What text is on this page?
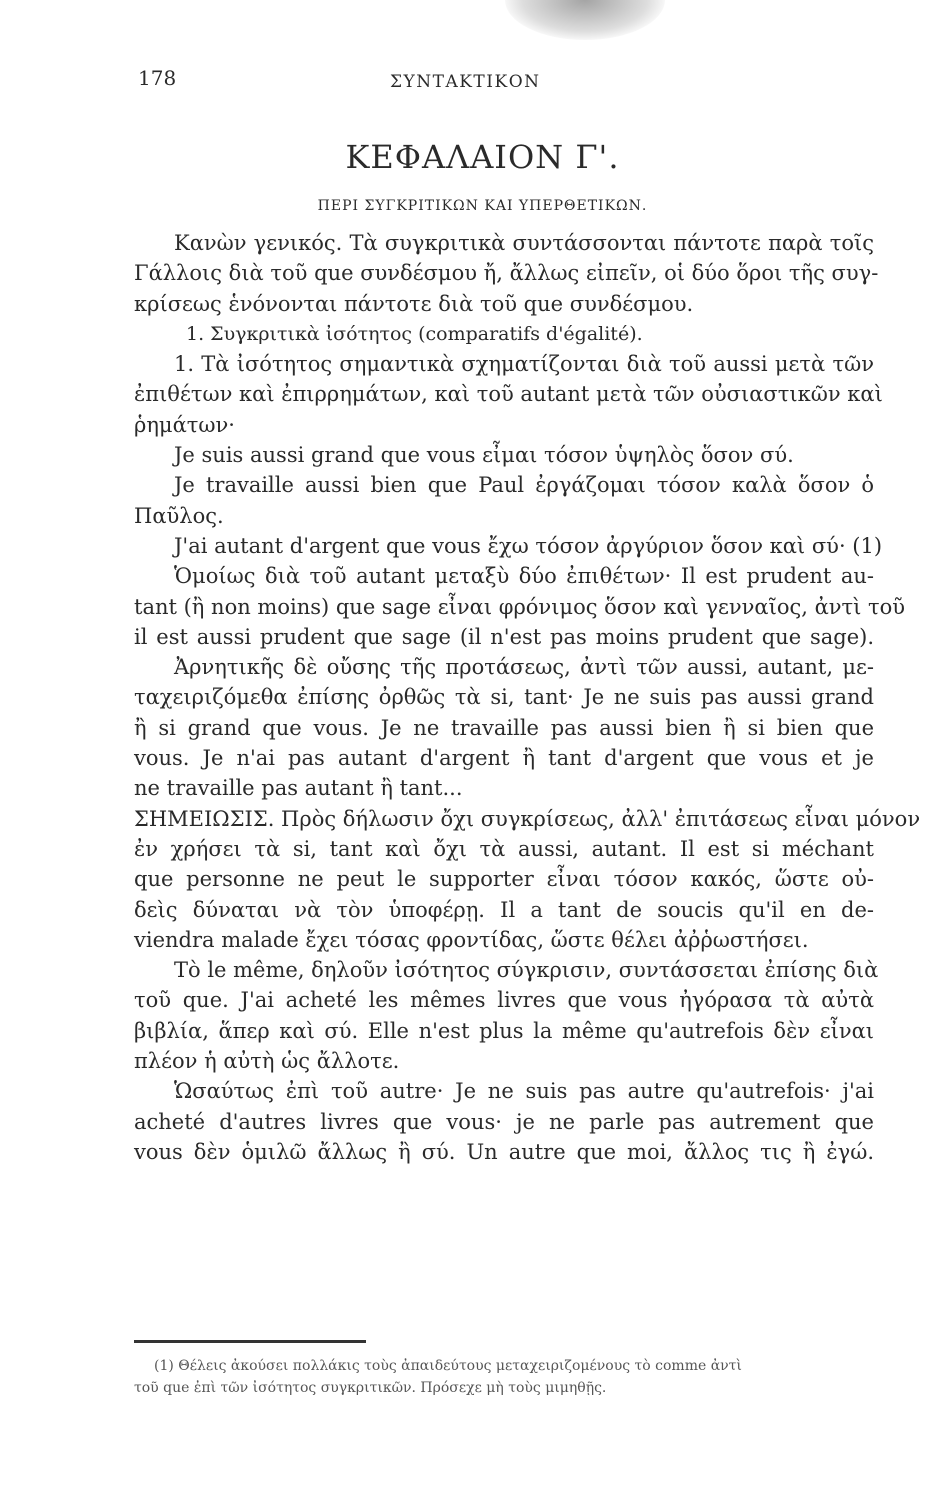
178	ΣΥΝΤΑΚΤΙΚΟΝ
ΚΕΦΑΛΑΙΟΝ Γ'.
ΠΕΡΙ ΣΥΓΚΡΙΤΙΚΩΝ ΚΑΙ ΥΠΕΡΘΕΤΙΚΩΝ.
Κανὼν γενικός. Τὰ συγκριτικὰ συντάσσονται πάντοτε παρὰ τοῖς
Γάλλοις διὰ τοῦ que συνδέσμου ἤ, ἄλλως εἰπεῖν, οἱ δύο ὅροι τῆς συγ-
κρίσεως ἑνόνονται πάντοτε διὰ τοῦ que συνδέσμου.
1. Συγκριτικὰ ἰσότητος (comparatifs d'égalité).
1. Τὰ ἰσότητος σημαντικὰ σχηματίζονται διὰ τοῦ aussi μετὰ τῶν
ἐπιθέτων καὶ ἐπιρρημάτων, καὶ τοῦ autant μετὰ τῶν οὐσιαστικῶν καὶ
ῥημάτων·
Je suis aussi grand que vous εἶμαι τόσον ὑψηλὸς ὅσον σύ.
Je travaille aussi bien que Paul ἐργάζομαι τόσον καλὰ ὅσον ὁ
Παῦλος.
J'ai autant d'argent que vous ἔχω τόσον ἀργύριον ὅσον καὶ σύ· (1)
Ὁμοίως διὰ τοῦ autant μεταξὺ δύο ἐπιθέτων· Il est prudent au-
tant (ἢ non moins) que sage εἶναι φρόνιμος ὅσον καὶ γενναῖος, ἀντὶ τοῦ
il est aussi prudent que sage (il n'est pas moins prudent que sage).
Ἀρνητικῆς δὲ οὔσης τῆς προτάσεως, ἀντὶ τῶν aussi, autant, με-
ταχειριζόμεθα ἐπίσης ὀρθῶς τὰ si, tant· Je ne suis pas aussi grand
ἢ si grand que vous. Je ne travaille pas aussi bien ἢ si bien que
vous. Je n'ai pas autant d'argent ἢ tant d'argent que vous et je
ne travaille pas autant ἢ tant...
ΣΗΜΕΙΩΣΙΣ. Πρὸς δήλωσιν ὄχι συγκρίσεως, ἀλλ' ἐπιτάσεως εἶναι μόνον
ἐν χρήσει τὰ si, tant καὶ ὄχι τὰ aussi, autant. Il est si méchant
que personne ne peut le supporter εἶναι τόσον κακός, ὥστε οὐ-
δεὶς δύναται νὰ τὸν ὑποφέρῃ. Il a tant de soucis qu'il en de-
viendra malade ἔχει τόσας φροντίδας, ὥστε θέλει ἀῤῥωστήσει.
Τὸ le même, δηλοῦν ἰσότητος σύγκρισιν, συντάσσεται ἐπίσης διὰ
τοῦ que. J'ai acheté les mêmes livres que vous ἠγόρασα τὰ αὐτὰ
βιβλία, ἅπερ καὶ σύ. Elle n'est plus la même qu'autrefois δὲν εἶναι
πλέον ἡ αὐτὴ ὡς ἄλλοτε.
Ὡσαύτως ἐπὶ τοῦ autre· Je ne suis pas autre qu'autrefois· j'ai
acheté d'autres livres que vous· je ne parle pas autrement que
vous δὲν ὁμιλῶ ἄλλως ἢ σύ. Un autre que moi, ἄλλος τις ἢ ἐγώ.
(1) Θέλεις ἀκούσει πολλάκις τοὺς ἀπαιδεύτους μεταχειριζομένους τὸ comme ἀντὶ
τοῦ que ἐπὶ τῶν ἰσότητος συγκριτικῶν. Πρόσεχε μὴ τοὺς μιμηθῇς.
